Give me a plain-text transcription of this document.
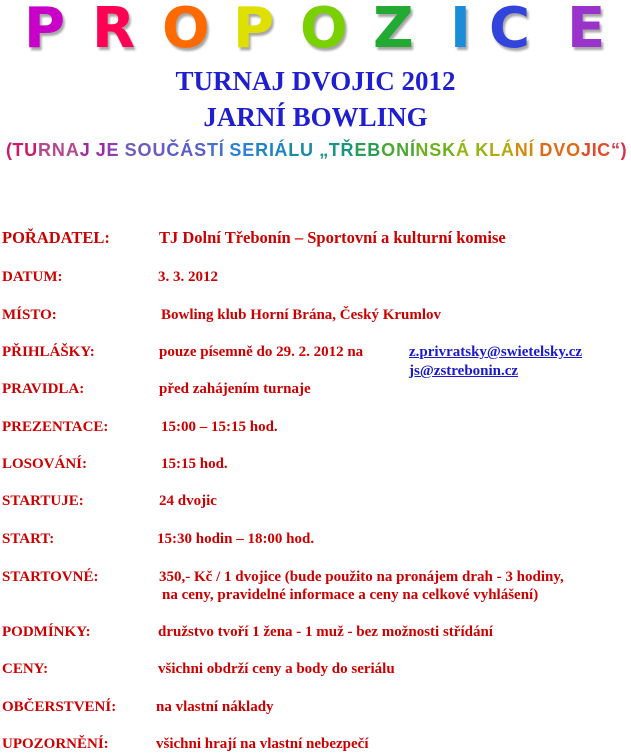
P R O P O Z I C E
TURNAJ DVOJIC 2012
JARNÍ BOWLING
( T U R N A J
J E
S O U Č Á S T Í
S E R I Á L U
„ T Ř E B O N Í N S K Á
K L Á N Í
D V O J I C “ )
POŘADATEL:	TJ Dolní Třebonín – Sportovní a kulturní komise
DATUM:	3. 3. 2012
MÍSTO:	Bowling klub Horní Brána, Český Krumlov
PŘIHLÁŠKY:	pouze písemně do 29. 2. 2012 na	z.privratsky@swietelsky.cz
js@zstrebonin.cz
PRAVIDLA:	před zahájením turnaje
PREZENTACE:	15:00 – 15:15 hod.
LOSOVÁNÍ:	15:15 hod.
STARTUJE:	24 dvojic
START:	15:30 hodin – 18:00 hod.
STARTOVNÉ:	350,- Kč / 1 dvojice (bude použito na pronájem drah - 3 hodiny,
na ceny, pravidelné informace a ceny na celkové vyhlášení)
PODMÍNKY:	družstvo tvoří 1 žena - 1 muž - bez možnosti střídání
CENY:	všichni obdrží ceny a body do seriálu
OBČERSTVENÍ:	na vlastní náklady
UPOZORNĚNÍ:	všichni hrají na vlastní nebezpečí
